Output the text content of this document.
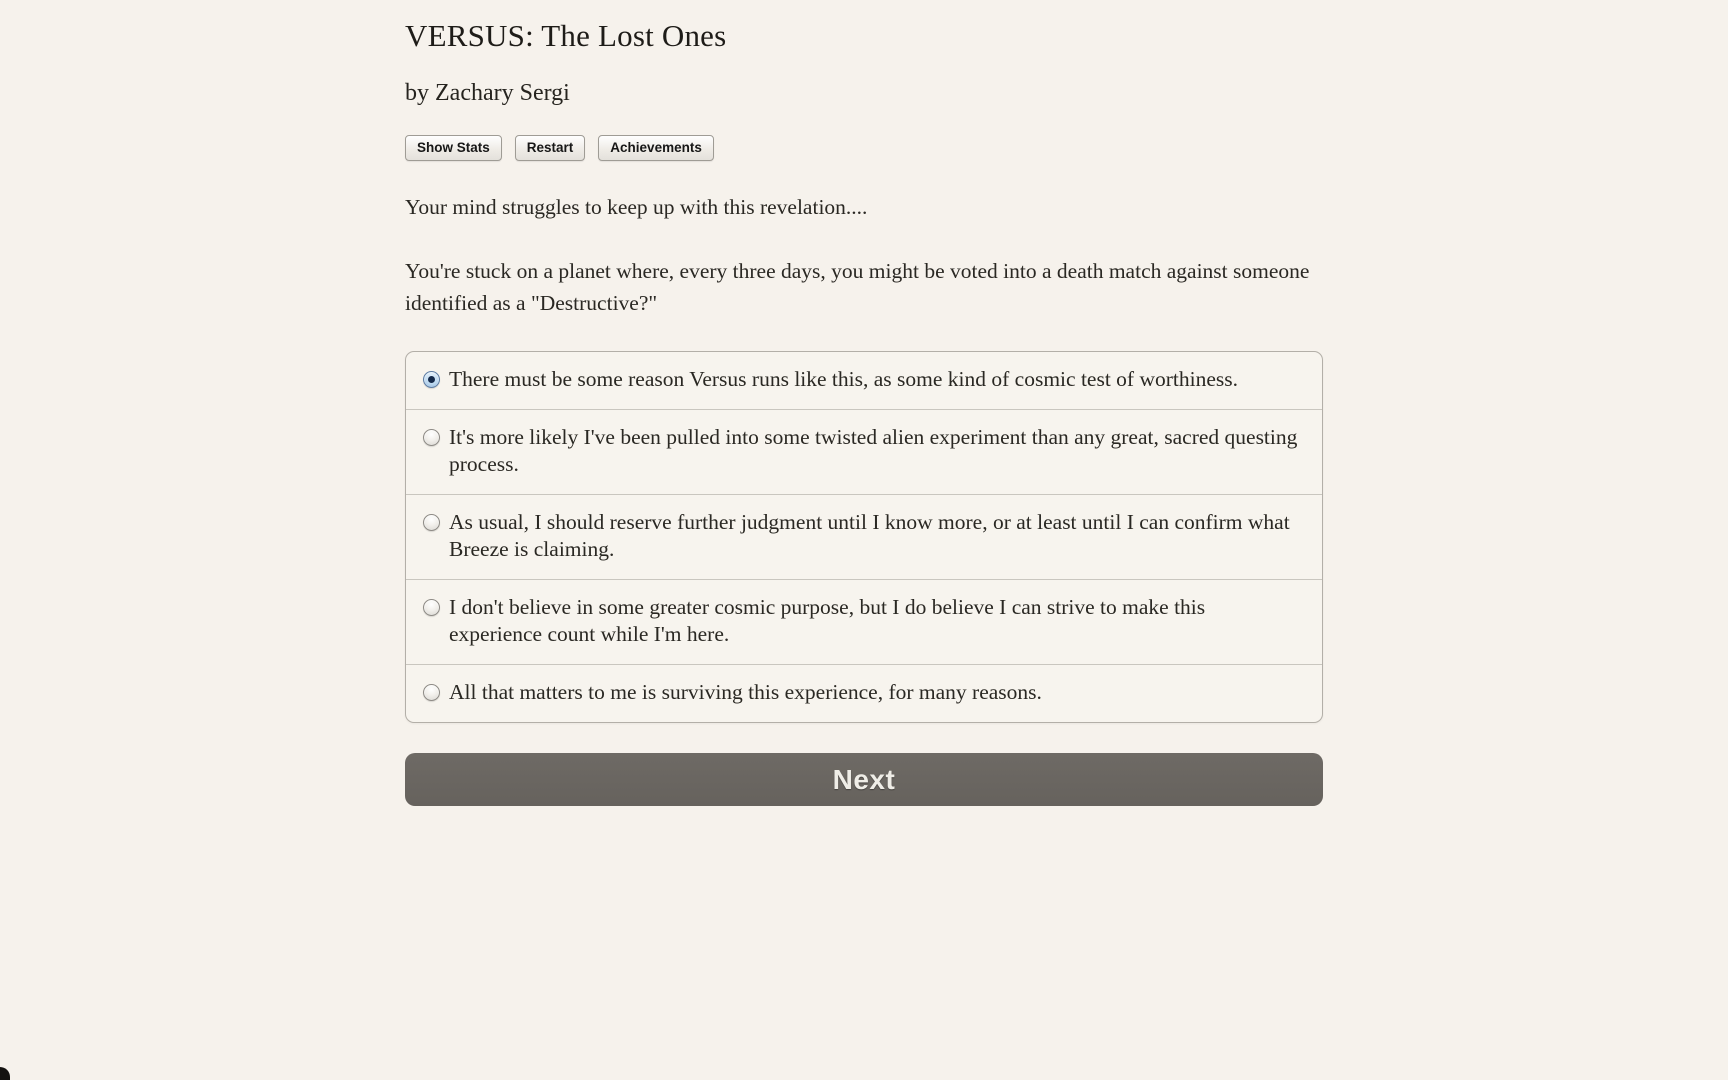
VERSUS: The Lost Ones
by Zachary Sergi
Show Stats	Restart	Achievements

Your mind struggles to keep up with this revelation....

You're stuck on a planet where, every three days, you might be voted into a death match against someone identified as a "Destructive?"

There must be some reason Versus runs like this, as some kind of cosmic test of worthiness.
It's more likely I've been pulled into some twisted alien experiment than any great, sacred questing process.
As usual, I should reserve further judgment until I know more, or at least until I can confirm what Breeze is claiming.
I don't believe in some greater cosmic purpose, but I do believe I can strive to make this experience count while I'm here.
All that matters to me is surviving this experience, for many reasons.
Next
